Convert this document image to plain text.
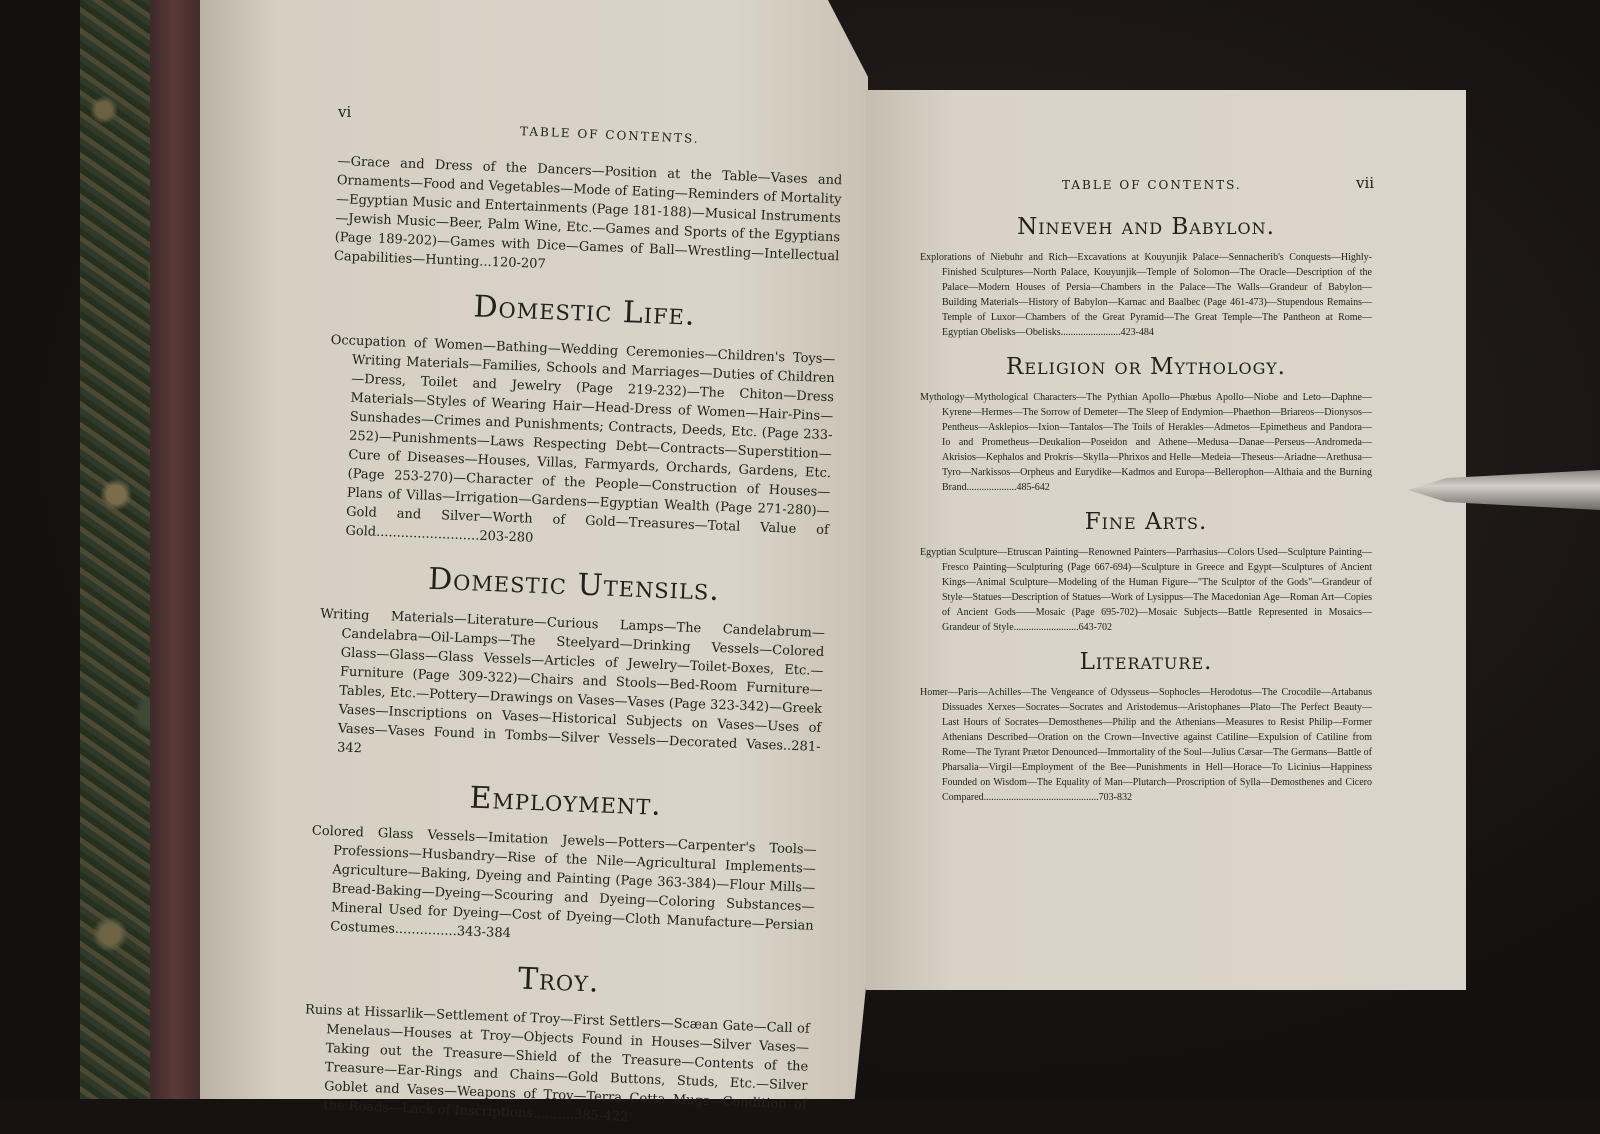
vi
TABLE OF CONTENTS.
—Grace and Dress of the Dancers—Position at the Table—Vases and Ornaments—Food and Vegetables—Mode of Eating—Reminders of Mortality—Egyptian Music and Entertainments (Page 181-188)—Musical Instruments—Jewish Music—Beer, Palm Wine, Etc.—Games and Sports of the Egyptians (Page 189-202)—Games with Dice—Games of Ball—Wrestling—Intellectual Capabilities—Hunting...120-207
Domestic Life.
Occupation of Women—Bathing—Wedding Ceremonies—Children's Toys—Writing Materials—Families, Schools and Marriages—Duties of Children—Dress, Toilet and Jewelry (Page 219-232)—The Chiton—Dress Materials—Styles of Wearing Hair—Head-Dress of Women—Hair-Pins—Sunshades—Crimes and Punishments; Contracts, Deeds, Etc. (Page 233-252)—Punishments—Laws Respecting Debt—Contracts—Superstition—Cure of Diseases—Houses, Villas, Farmyards, Orchards, Gardens, Etc. (Page 253-270)—Character of the People—Construction of Houses—Plans of Villas—Irrigation—Gardens—Egyptian Wealth (Page 271-280)—Gold and Silver—Worth of Gold—Treasures—Total Value of Gold.........................203-280
Domestic Utensils.
Writing Materials—Literature—Curious Lamps—The Candelabrum—Candelabra—Oil-Lamps—The Steelyard—Drinking Vessels—Colored Glass—Glass—Glass Vessels—Articles of Jewelry—Toilet-Boxes, Etc.—Furniture (Page 309-322)—Chairs and Stools—Bed-Room Furniture—Tables, Etc.—Pottery—Drawings on Vases—Vases (Page 323-342)—Greek Vases—Inscriptions on Vases—Historical Subjects on Vases—Uses of Vases—Vases Found in Tombs—Silver Vessels—Decorated Vases..281-342
Employment.
Colored Glass Vessels—Imitation Jewels—Potters—Carpenter's Tools—Professions—Husbandry—Rise of the Nile—Agricultural Implements—Agriculture—Baking, Dyeing and Painting (Page 363-384)—Flour Mills—Bread-Baking—Dyeing—Scouring and Dyeing—Coloring Substances—Mineral Used for Dyeing—Cost of Dyeing—Cloth Manufacture—Persian Costumes...............343-384
Troy.
Ruins at Hissarlik—Settlement of Troy—First Settlers—Scæan Gate—Call of Menelaus—Houses at Troy—Objects Found in Houses—Silver Vases—Taking out the Treasure—Shield of the Treasure—Contents of the Treasure—Ear-Rings and Chains—Gold Buttons, Studs, Etc.—Silver Goblet and Vases—Weapons of Troy—Terra Cotta Mugs—Condition of the Roads—Lack of Inscriptions..........385-422
TABLE OF CONTENTS.	vii
Nineveh and Babylon.
Explorations of Niebuhr and Rich—Excavations at Kouyunjik Palace—Sennacherib's Conquests—Highly-Finished Sculptures—North Palace, Kouyunjik—Temple of Solomon—The Oracle—Description of the Palace—Modern Houses of Persia—Chambers in the Palace—The Walls—Grandeur of Babylon—Building Materials—History of Babylon—Karnac and Baalbec (Page 461-473)—Stupendous Remains—Temple of Luxor—Chambers of the Great Pyramid—The Great Temple—The Pantheon at Rome—Egyptian Obelisks—Obelisks........................423-484
Religion or Mythology.
Mythology—Mythological Characters—The Pythian Apollo—Phœbus Apollo—Niobe and Leto—Daphne—Kyrene—Hermes—The Sorrow of Demeter—The Sleep of Endymion—Phaethon—Briareos—Dionysos—Pentheus—Asklepios—Ixion—Tantalos—The Toils of Herakles—Admetos—Epimetheus and Pandora—Io and Prometheus—Deukalion—Poseidon and Athene—Medusa—Danae—Perseus—Andromeda—Akrisios—Kephalos and Prokris—Skylla—Phrixos and Helle—Medeia—Theseus—Ariadne—Arethusa—Tyro—Narkissos—Orpheus and Eurydike—Kadmos and Europa—Bellerophon—Althaia and the Burning Brand....................485-642
Fine Arts.
Egyptian Sculpture—Etruscan Painting—Renowned Painters—Parrhasius—Colors Used—Sculpture Painting—Fresco Painting—Sculpturing (Page 667-694)—Sculpture in Greece and Egypt—Sculptures of Ancient Kings—Animal Sculpture—Modeling of the Human Figure—"The Sculptor of the Gods"—Grandeur of Style—Statues—Description of Statues—Work of Lysippus—The Macedonian Age—Roman Art—Copies of Ancient Gods——Mosaic (Page 695-702)—Mosaic Subjects—Battle Represented in Mosaics—Grandeur of Style..........................643-702
Literature.
Homer—Paris—Achilles—The Vengeance of Odysseus—Sophocles—Herodotus—The Crocodile—Artabanus Dissuades Xerxes—Socrates—Socrates and Aristodemus—Aristophanes—Plato—The Perfect Beauty—Last Hours of Socrates—Demosthenes—Philip and the Athenians—Measures to Resist Philip—Former Athenians Described—Oration on the Crown—Invective against Catiline—Expulsion of Catiline from Rome—The Tyrant Prætor Denounced—Immortality of the Soul—Julius Cæsar—The Germans—Battle of Pharsalia—Virgil—Employment of the Bee—Punishments in Hell—Horace—To Licinius—Happiness Founded on Wisdom—The Equality of Man—Plutarch—Proscription of Sylla—Demosthenes and Cicero Compared..............................................703-832
